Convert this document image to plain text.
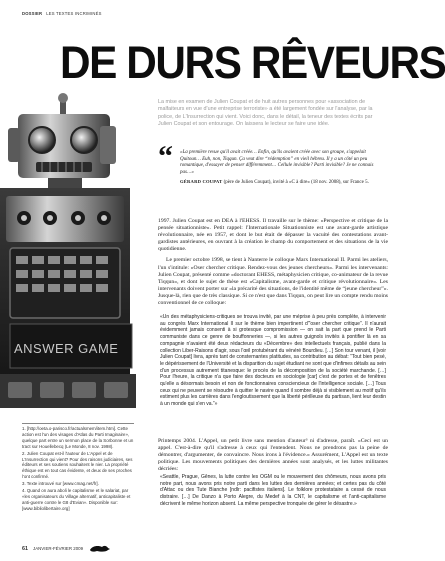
DOSSIER LES TEXTES INCRIMINÉS
DE DURS RÊVEURS
La mise en examen de Julien Coupat et de huit autres personnes pour «association de malfaiteurs en vue d'une entreprise terroriste» a été largement fondée sur l'analyse, par la police, de L'Insurrection qui vient. Voici donc, dans le détail, la teneur des textes écrits par Julien Coupat et son entourage. On laissera le lecteur se faire une idée.
ANSWER GAME
“ «La première revue qu'il avait créée… Enfin, qu'ils avaient créée avec son groupe, s'appelait Quitoun… Euh, non, Tiqqun. Ça veut dire “rédemption” en vieil hébreu. Il y a un côté un peu romantique, d'essayer de penser différemment… Cellule invisible? Parti invisible? Je ne connais pas…»
GÉRARD COUPAT (père de Julien Coupat), invité à «C à dire» (18 nov. 2008), sur France 5.

1997. Julien Coupat est en DEA à l'EHESS. Il travaille sur le thème: «Perspective et critique de la pensée situationniste». Petit rappel: l'Internationale Situationniste est une avant-garde artistique révolutionnaire, née en 1957, et dont le but était de dépasser la vacuité des contestations avant-gardistes antérieures, en ouvrant à la création le champ du comportement et des situations de la vie quotidienne.

Le premier octobre 1998, se tient à Nanterre le colloque Marx International II. Parmi les ateliers, l'un s'intitule: «Oser chercher critique. Rendez-vous des jeunes chercheurs». Parmi les intervenants: Julien Coupat, présenté comme «doctorant EHESS, métaphysicien critique, co-animateur de la revue Tiqqun», et dont le sujet de thèse est «Capitalisme, avant-garde et critique révolutionnaire». Les intervenants doivent porter sur «la précarité des situations, de l'identité même de “jeune chercheur”». Jusque-là, rien que de très classique. Si ce n'est que dans Tiqqun, on peut lire un compte rendu moins conventionnel de ce colloque:

«Un des métaphysiciens-critiques se trouva invité, par une méprise à peu près complète, à intervenir au congrès Marx International II sur le thème bien impertinent d'“oser chercher critique”. Il n'aurait évidemment jamais consenti à si grotesque compromission — on sait la part que prend le Parti communiste dans ce genre de bouffonneries —, si les autres guignols invités à pontifier là en sa compagnie n'avaient été deux rédacteurs du «Décembre» des intellectuels français, publié dans la collection Liber-Raisons d'agir, sous l'œil protubérant du vénéré Bourdieu. […] Son tour venant, il [voir Julien Coupat] livra, après tant de consternantes platitudes, sa contribution au débat: “Tout bien pesé, le dépérissement de l'Université et la disparition du sujet étudiant ne sont que d'infimes détails au sein d'un processus autrement titanesque: le procès de la décomposition de la société marchande. […] Pour l'heure, la critique n'a que faire des docteurs en sociologie [car] c'est de portes et de fenêtres qu'elle a désormais besoin et non de fonctionnaires consciencieux de l'intelligence sociale. […] Tous ceux qui ne peuvent se résoudre à quitter le navire quand il sombre déjà si visiblement au motif qu'ils estiment plus les carrières dans l'engloutissement que la liberté périlleuse du partisan, lient leur destin à un monde qui s'en va.”»
Printemps 2004. L'Appel, un petit livre sans mention d'auteur³ ni d'adresse, paraît. «Ceci est un appel. C'est-à-dire qu'il s'adresse à ceux qui l'entendent. Nous ne prendrons pas la peine de démontrer, d'argumenter, de convaincre. Nous irons à l'évidence.» Assurément, L'Appel est un texte politique. Les mouvements politiques des dernières années sont analysés, et les luttes militantes décriées:
«Seattle, Prague, Gênes, la lutte contre les OGM ou le mouvement des chômeurs, nous avons pris notre part, nous avons pris notre parti dans les luttes des dernières années; et certes pas du côté d'Attac ou des Tute Bianche [ndlr: pacifistes italiens]. Le folklore protestataire a cessé de nous distraire. […] De Danzo à Porto Alegre, du Medef à la CNT, le capitalisme et l'anti-capitalisme décrivent le même horizon absent. La même perspective tronquée de gérer le désastre.»

1. [http://oeta.o-parisco.fr/actualsmem/item.htm]. Cette action est l'un des visages d'Atlas du Parti Imaginaire», quelque part entre un sermon place de la Sorbonne et un tract sur Houellebecq (Le Monde, 8 nov. 1998).

2. Julien Coupat est-il l'auteur de L'Appel et de L'Insurrection qui vient? Pour des raisons judiciaires, ses éditeurs et ses soutiens souhaitent le nier. La propriété éthique est en tout cas évidente, et deux de ses proches l'ont confirmé.

3. Texte introuvé sur [www.cmag.net/fr].

4. Quand on aura aboli le capitalisme et le salariat, par «les organisateurs du Village alternatif, anticapitaliste et anti-guerre contre le G8 d'Evian». Disponible sur: [www.bibliolibertaire.org]

61 JANVIER-FÉVRIER 2009
